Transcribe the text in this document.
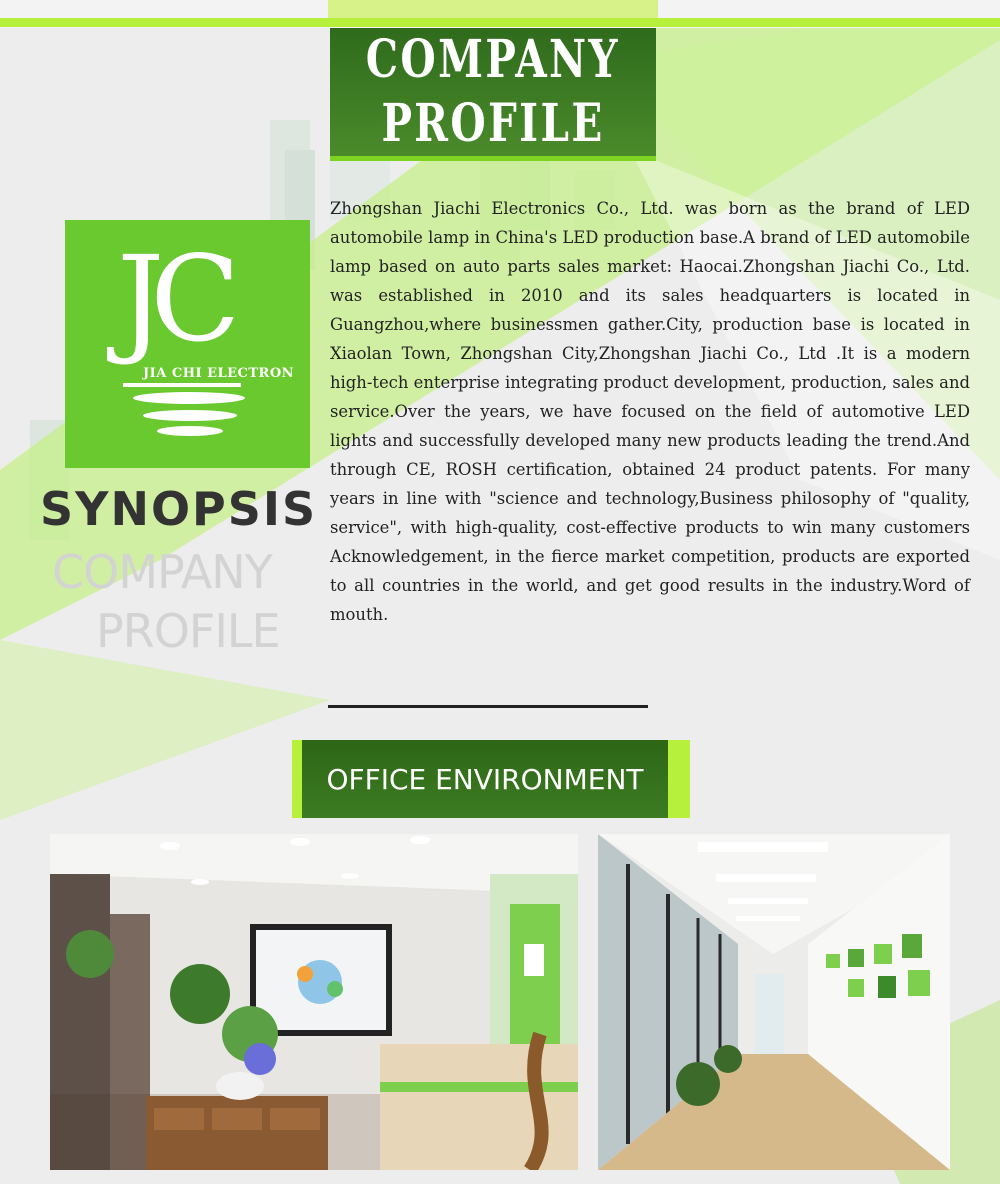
COMPANY
PROFILE
JC
JIA CHI ELECTRON
SYNOPSIS
COMPANY
PROFILE
Zhongshan Jiachi Electronics Co., Ltd. was born as the brand of LED automobile lamp in China's LED production base.A brand of LED automobile lamp based on auto parts sales market: Haocai.Zhongshan Jiachi Co., Ltd. was established in 2010 and its sales headquarters is located in Guangzhou,where businessmen gather.City, production base is located in Xiaolan Town, Zhongshan City,Zhongshan Jiachi Co., Ltd .It is a modern high-tech enterprise integrating product development, production, sales and service.Over the years, we have focused on the field of automotive LED lights and successfully developed many new products leading the trend.And through CE, ROSH certification, obtained 24 product patents. For many years in line with "science and technology,Business philosophy of "quality, service", with high-quality, cost-effective products to win many customers Acknowledgement, in the fierce market competition, products are exported to all countries in the world, and get good results in the industry.Word of mouth.
OFFICE ENVIRONMENT
